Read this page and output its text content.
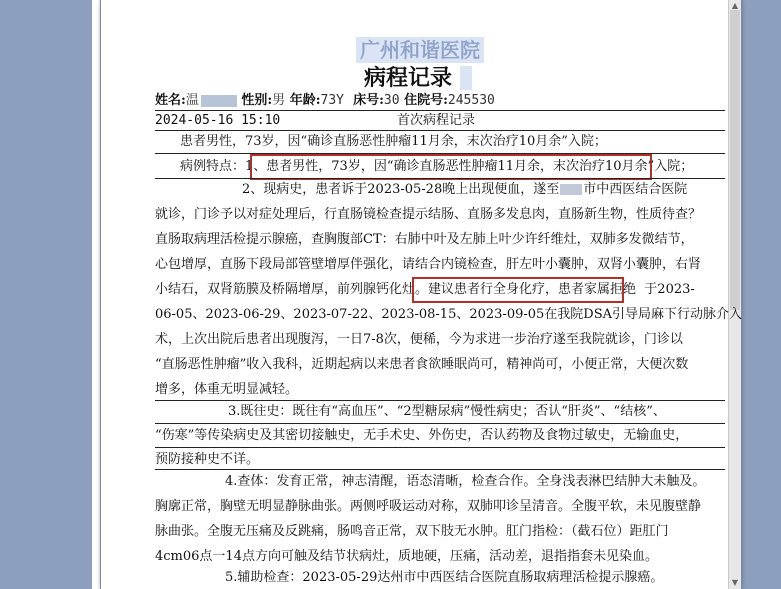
▲
▼
广州和谐医院
病程记录
姓名:温	性别:男 年龄:73Y 床号:30 住院号:245530
2024-05-16 15:10	首次病程记录
患者男性，73岁，因“确诊直肠恶性肿瘤11月余，末次治疗10月余”入院；
病例特点：1、患者男性，73岁，因“确诊直肠恶性肿瘤11月余，末次治疗10月余”入院；
2、现病史，患者诉于2023-05-28晚上出现便血，遂至 市中西医结合医院
就诊，门诊予以对症处理后，行直肠镜检查提示结肠、直肠多发息肉，直肠新生物，性质待查？
直肠取病理活检提示腺癌，查胸腹部CT：右肺中叶及左肺上叶少许纤维灶，双肺多发微结节，
心包增厚，直肠下段局部管壁增厚伴强化，请结合内镜检查，肝左叶小囊肿，双肾小囊肿，右肾
小结石，双肾筋膜及桥隔增厚，前列腺钙化灶。建议患者行全身化疗，患者家属拒绝 于2023-
06-05、2023-06-29、2023-07-22、2023-08-15、2023-09-05在我院DSA引导局麻下行动脉介入
术，上次出院后患者出现腹泻，一日7-8次，便稀，今为求进一步治疗遂至我院就诊，门诊以
“直肠恶性肿瘤”收入我科，近期起病以来患者食欲睡眠尚可，精神尚可，小便正常，大便次数
增多，体重无明显减轻。
3.既往史：既往有“高血压”、“2型糖尿病”慢性病史；否认“肝炎”、“结核”、
“伤寒”等传染病史及其密切接触史，无手术史、外伤史，否认药物及食物过敏史，无输血史，
预防接种史不详。
4.查体：发育正常，神志清醒，语态清晰，检查合作。全身浅表淋巴结肿大未触及。
胸廓正常，胸壁无明显静脉曲张。两侧呼吸运动对称，双肺叩诊呈清音。全腹平软，未见腹壁静
脉曲张。全腹无压痛及反跳痛，肠鸣音正常，双下肢无水肿。肛门指检：（截石位）距肛门
4cm06点一14点方向可触及结节状病灶，质地硬，压痛，活动差，退指指套未见染血。
5.辅助检查：2023-05-29达州市中西医结合医院直肠取病理活检提示腺癌。
